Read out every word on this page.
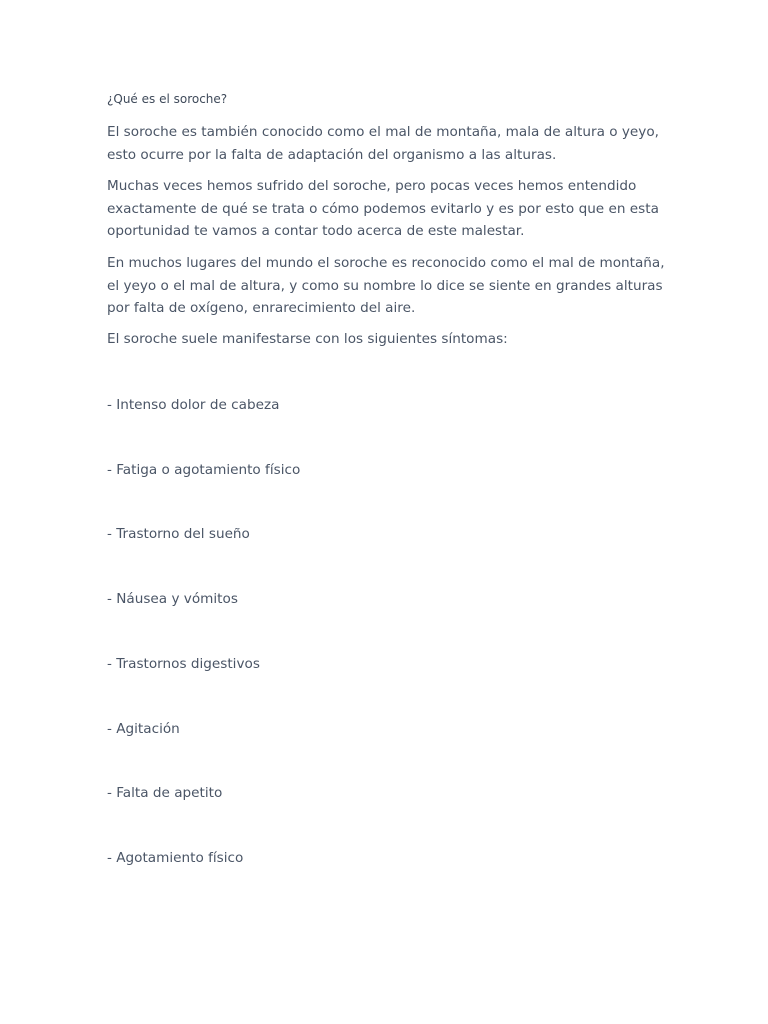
¿Qué es el soroche?

El soroche es también conocido como el mal de montaña, mala de altura o yeyo, esto ocurre por la falta de adaptación del organismo a las alturas.

Muchas veces hemos sufrido del soroche, pero pocas veces hemos entendido exactamente de qué se trata o cómo podemos evitarlo y es por esto que en esta oportunidad te vamos a contar todo acerca de este malestar.

En muchos lugares del mundo el soroche es reconocido como el mal de montaña, el yeyo o el mal de altura, y como su nombre lo dice se siente en grandes alturas por falta de oxígeno, enrarecimiento del aire.

El soroche suele manifestarse con los siguientes síntomas:

- Intenso dolor de cabeza

- Fatiga o agotamiento físico

- Trastorno del sueño

- Náusea y vómitos

- Trastornos digestivos

- Agitación

- Falta de apetito

- Agotamiento físico
